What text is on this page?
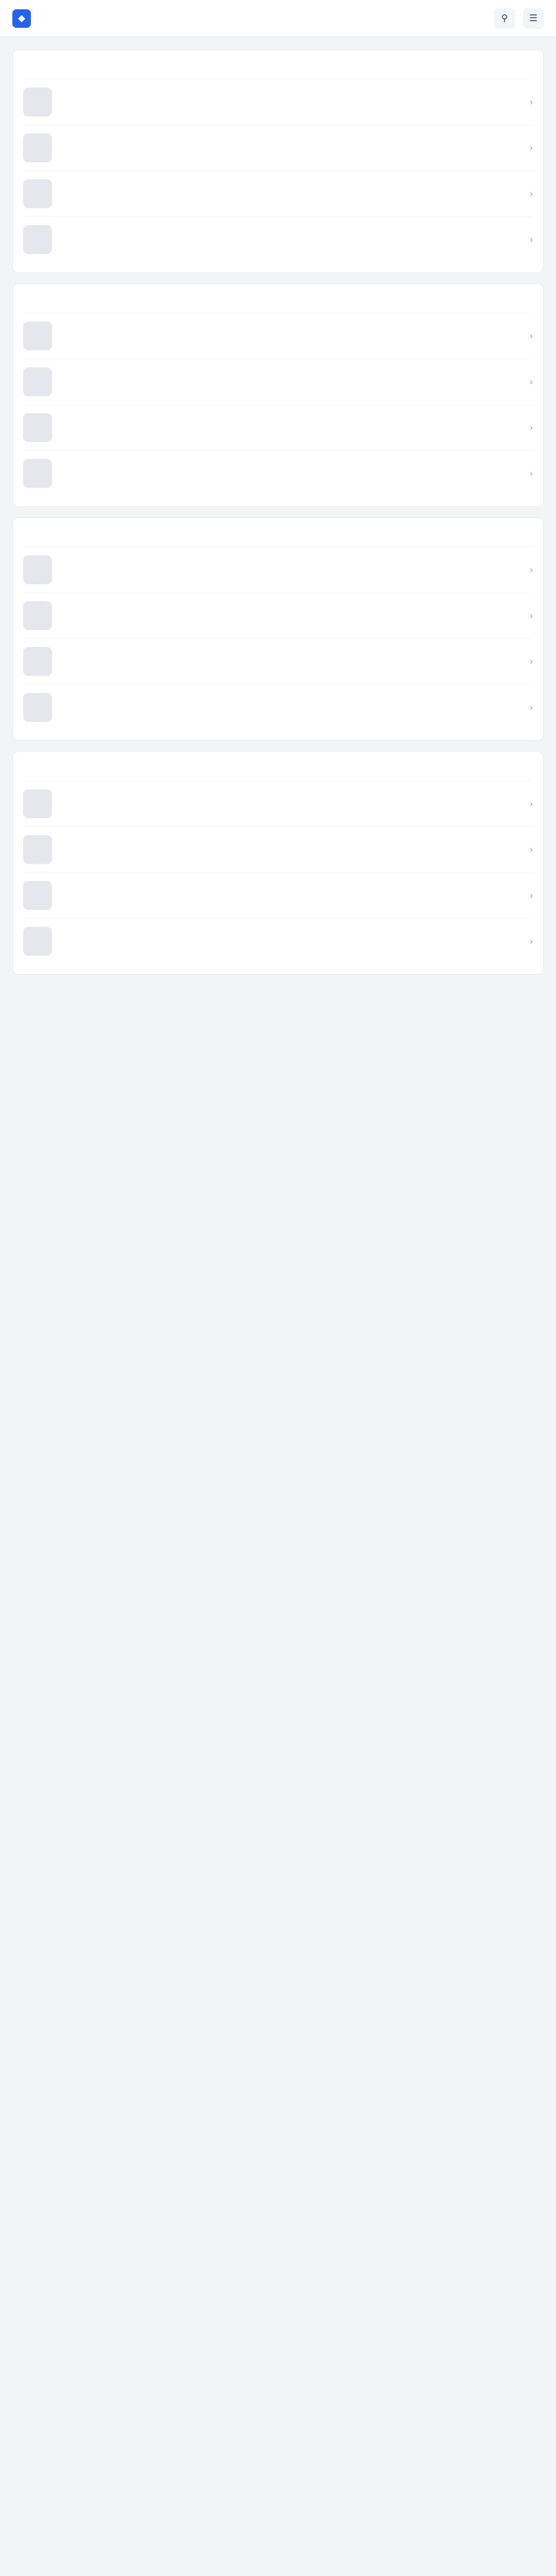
◆	⚲	☰
›
›
›
›
›
›
›
›
›
›
›
›
›
›
›
›
